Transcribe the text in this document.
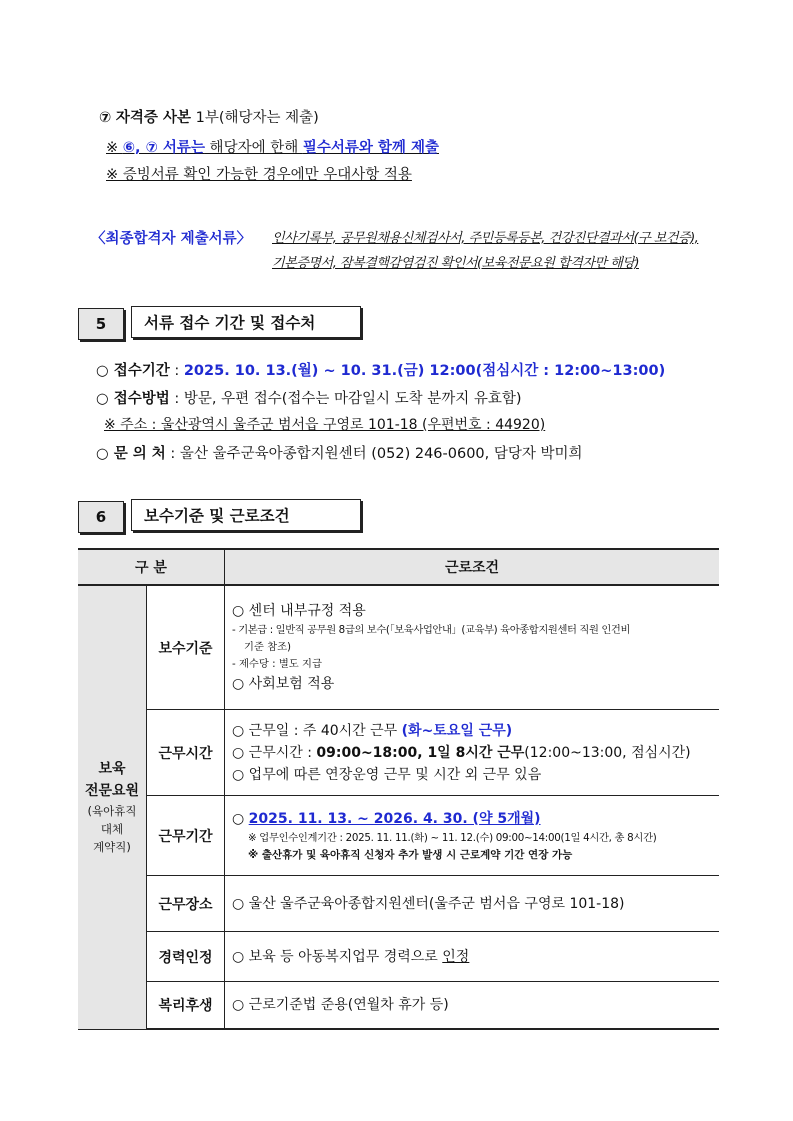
⑦ 자격증 사본 1부(해당자는 제출)
※ ⑥, ⑦ 서류는 해당자에 한해 필수서류와 함께 제출
※ 증빙서류 확인 가능한 경우에만 우대사항 적용
〈최종합격자 제출서류〉 인사기록부, 공무원채용신체검사서, 주민등록등본, 건강진단결과서(구 보건증),
기본증명서, 잠복결핵감염검진 확인서(보육전문요원 합격자만 해당)
5	서류 접수 기간 및 접수처
○ 접수기간 : 2025. 10. 13.(월) ~ 10. 31.(금) 12:00(점심시간 : 12:00~13:00)
○ 접수방법 : 방문, 우편 접수(접수는 마감일시 도착 분까지 유효함)
※ 주소 : 울산광역시 울주군 범서읍 구영로 101-18 (우편번호 : 44920)
○ 문 의 처 : 울산 울주군육아종합지원센터 (052) 246-0600, 담당자 박미희
6	보수기준 및 근로조건
구 분		근로조건

보육
전문요원
(육아휴직
대체
계약직)	보수기준	○ 센터 내부규정 적용
- 기본급 : 일반직 공무원 8급의 보수(「보육사업안내」(교육부) 육아종합지원센터 직원 인건비
기준 참조)
- 제수당 : 별도 지급
○ 사회보험 적용

	근무시간	○ 근무일 : 주 40시간 근무 (화~토요일 근무)
○ 근무시간 : 09:00~18:00, 1일 8시간 근무(12:00~13:00, 점심시간)
○ 업무에 따른 연장운영 근무 및 시간 외 근무 있음

	근무기간	○ 2025. 11. 13. ~ 2026. 4. 30. (약 5개월)
※ 업무인수인계기간 : 2025. 11. 11.(화) ~ 11. 12.(수) 09:00~14:00(1일 4시간, 총 8시간)
※ 출산휴가 및 육아휴직 신청자 추가 발생 시 근로계약 기간 연장 가능

	근무장소	○ 울산 울주군육아종합지원센터(울주군 범서읍 구영로 101-18)

	경력인정	○ 보육 등 아동복지업무 경력으로 인정

	복리후생	○ 근로기준법 준용(연월차 휴가 등)
